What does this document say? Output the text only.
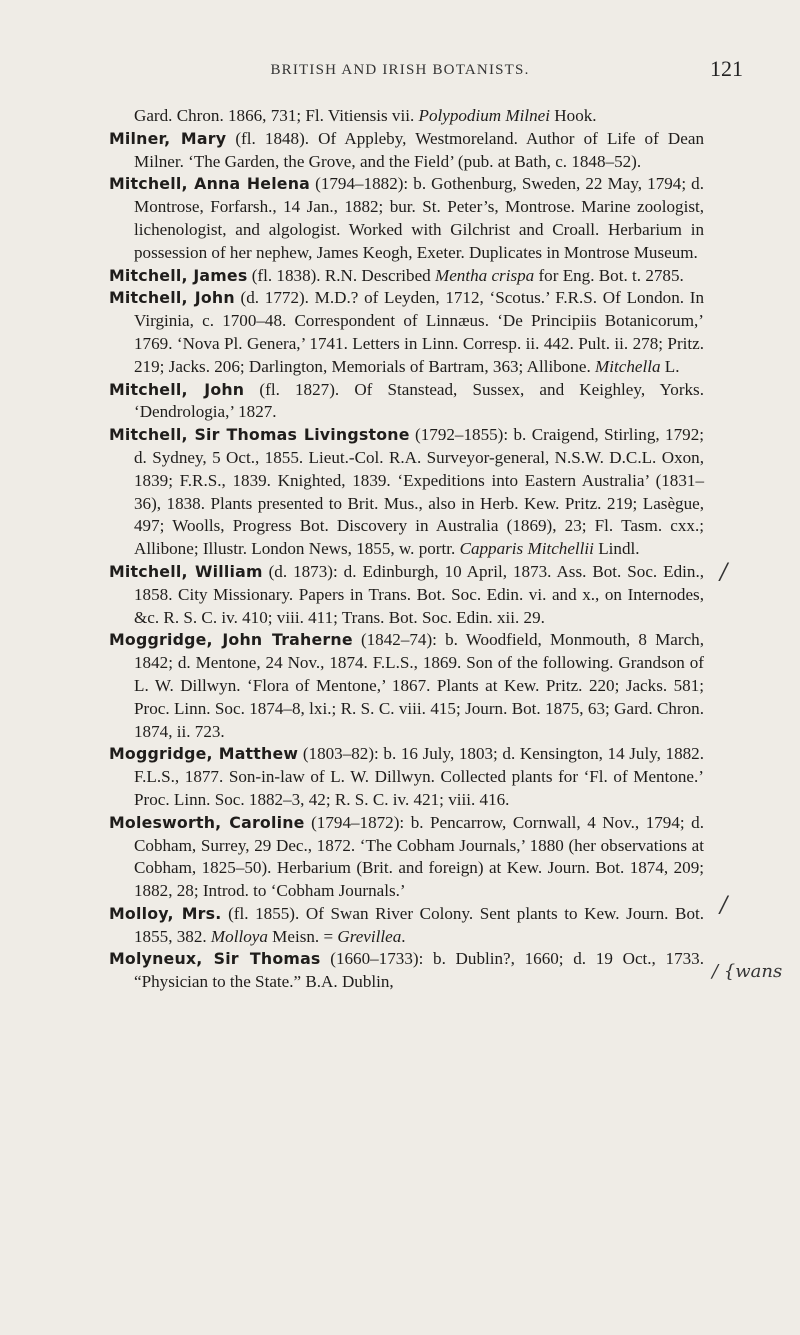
BRITISH AND IRISH BOTANISTS.	121

Gard. Chron. 1866, 731; Fl. Vitiensis vii. Polypodium Milnei Hook.

Milner, Mary (fl. 1848). Of Appleby, Westmoreland. Author of Life of Dean Milner. ‘The Garden, the Grove, and the Field’ (pub. at Bath, c. 1848–52).

Mitchell, Anna Helena (1794–1882): b. Gothenburg, Sweden, 22 May, 1794; d. Montrose, Forfarsh., 14 Jan., 1882; bur. St. Peter’s, Montrose. Marine zoologist, lichenologist, and algologist. Worked with Gilchrist and Croall. Herbarium in possession of her nephew, James Keogh, Exeter. Duplicates in Montrose Museum.

Mitchell, James (fl. 1838). R.N. Described Mentha crispa for Eng. Bot. t. 2785.

Mitchell, John (d. 1772). M.D.? of Leyden, 1712, ‘Scotus.’ F.R.S. Of London. In Virginia, c. 1700–48. Correspondent of Linnæus. ‘De Principiis Botanicorum,’ 1769. ‘Nova Pl. Genera,’ 1741. Letters in Linn. Corresp. ii. 442. Pult. ii. 278; Pritz. 219; Jacks. 206; Darlington, Memorials of Bartram, 363; Allibone. Mitchella L.

Mitchell, John (fl. 1827). Of Stanstead, Sussex, and Keighley, Yorks. ‘Dendrologia,’ 1827.

Mitchell, Sir Thomas Livingstone (1792–1855): b. Craigend, Stirling, 1792; d. Sydney, 5 Oct., 1855. Lieut.-Col. R.A. Surveyor-general, N.S.W. D.C.L. Oxon, 1839; F.R.S., 1839. Knighted, 1839. ‘Expeditions into Eastern Australia’ (1831–36), 1838. Plants presented to Brit. Mus., also in Herb. Kew. Pritz. 219; Lasègue, 497; Woolls, Progress Bot. Discovery in Australia (1869), 23; Fl. Tasm. cxx.; Allibone; Illustr. London News, 1855, w. portr. Capparis Mitchellii Lindl.

Mitchell, William (d. 1873): d. Edinburgh, 10 April, 1873. Ass. Bot. Soc. Edin., 1858. City Missionary. Papers in Trans. Bot. Soc. Edin. vi. and x., on Internodes, &c. R. S. C. iv. 410; viii. 411; Trans. Bot. Soc. Edin. xii. 29.

Moggridge, John Traherne (1842–74): b. Woodfield, Monmouth, 8 March, 1842; d. Mentone, 24 Nov., 1874. F.L.S., 1869. Son of the following. Grandson of L. W. Dillwyn. ‘Flora of Mentone,’ 1867. Plants at Kew. Pritz. 220; Jacks. 581; Proc. Linn. Soc. 1874–8, lxi.; R. S. C. viii. 415; Journ. Bot. 1875, 63; Gard. Chron. 1874, ii. 723.

Moggridge, Matthew (1803–82): b. 16 July, 1803; d. Kensington, 14 July, 1882. F.L.S., 1877. Son-in-law of L. W. Dillwyn. Collected plants for ‘Fl. of Mentone.’ Proc. Linn. Soc. 1882–3, 42; R. S. C. iv. 421; viii. 416.

Molesworth, Caroline (1794–1872): b. Pencarrow, Cornwall, 4 Nov., 1794; d. Cobham, Surrey, 29 Dec., 1872. ‘The Cobham Journals,’ 1880 (her observations at Cobham, 1825–50). Herbarium (Brit. and foreign) at Kew. Journ. Bot. 1874, 209; 1882, 28; Introd. to ‘Cobham Journals.’

Molloy, Mrs. (fl. 1855). Of Swan River Colony. Sent plants to Kew. Journ. Bot. 1855, 382. Molloya Meisn. = Grevillea.

Molyneux, Sir Thomas (1660–1733): b. Dublin?, 1660; d. 19 Oct., 1733. “Physician to the State.” B.A. Dublin,

/
/
/ {wans
